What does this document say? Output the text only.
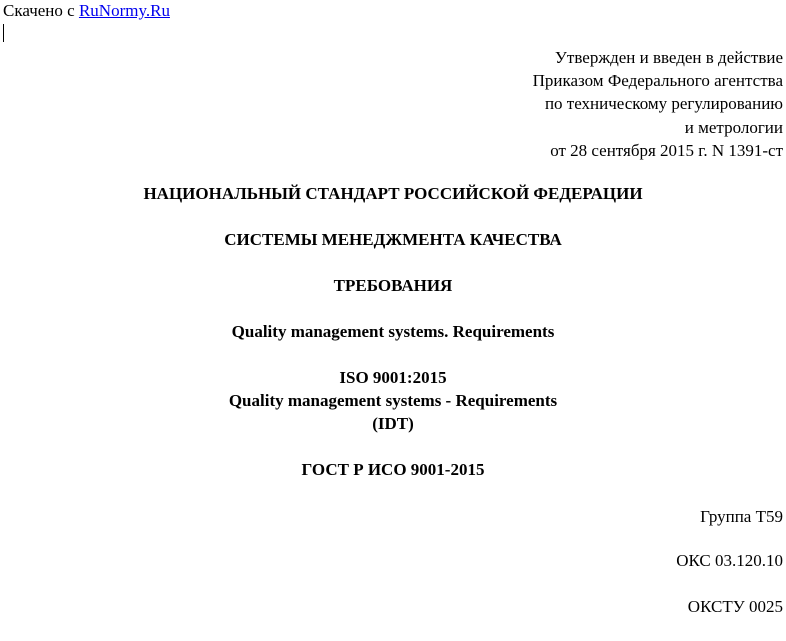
Скачено с RuNormy.Ru
Утвержден и введен в действие
Приказом Федерального агентства
по техническому регулированию
и метрологии
от 28 сентября 2015 г. N 1391-ст
НАЦИОНАЛЬНЫЙ СТАНДАРТ РОССИЙСКОЙ ФЕДЕРАЦИИ
СИСТЕМЫ МЕНЕДЖМЕНТА КАЧЕСТВА
ТРЕБОВАНИЯ
Quality management systems. Requirements
ISO 9001:2015
Quality management systems - Requirements
(IDT)
ГОСТ Р ИСО 9001-2015
Группа Т59
ОКС 03.120.10
ОКСТУ 0025
